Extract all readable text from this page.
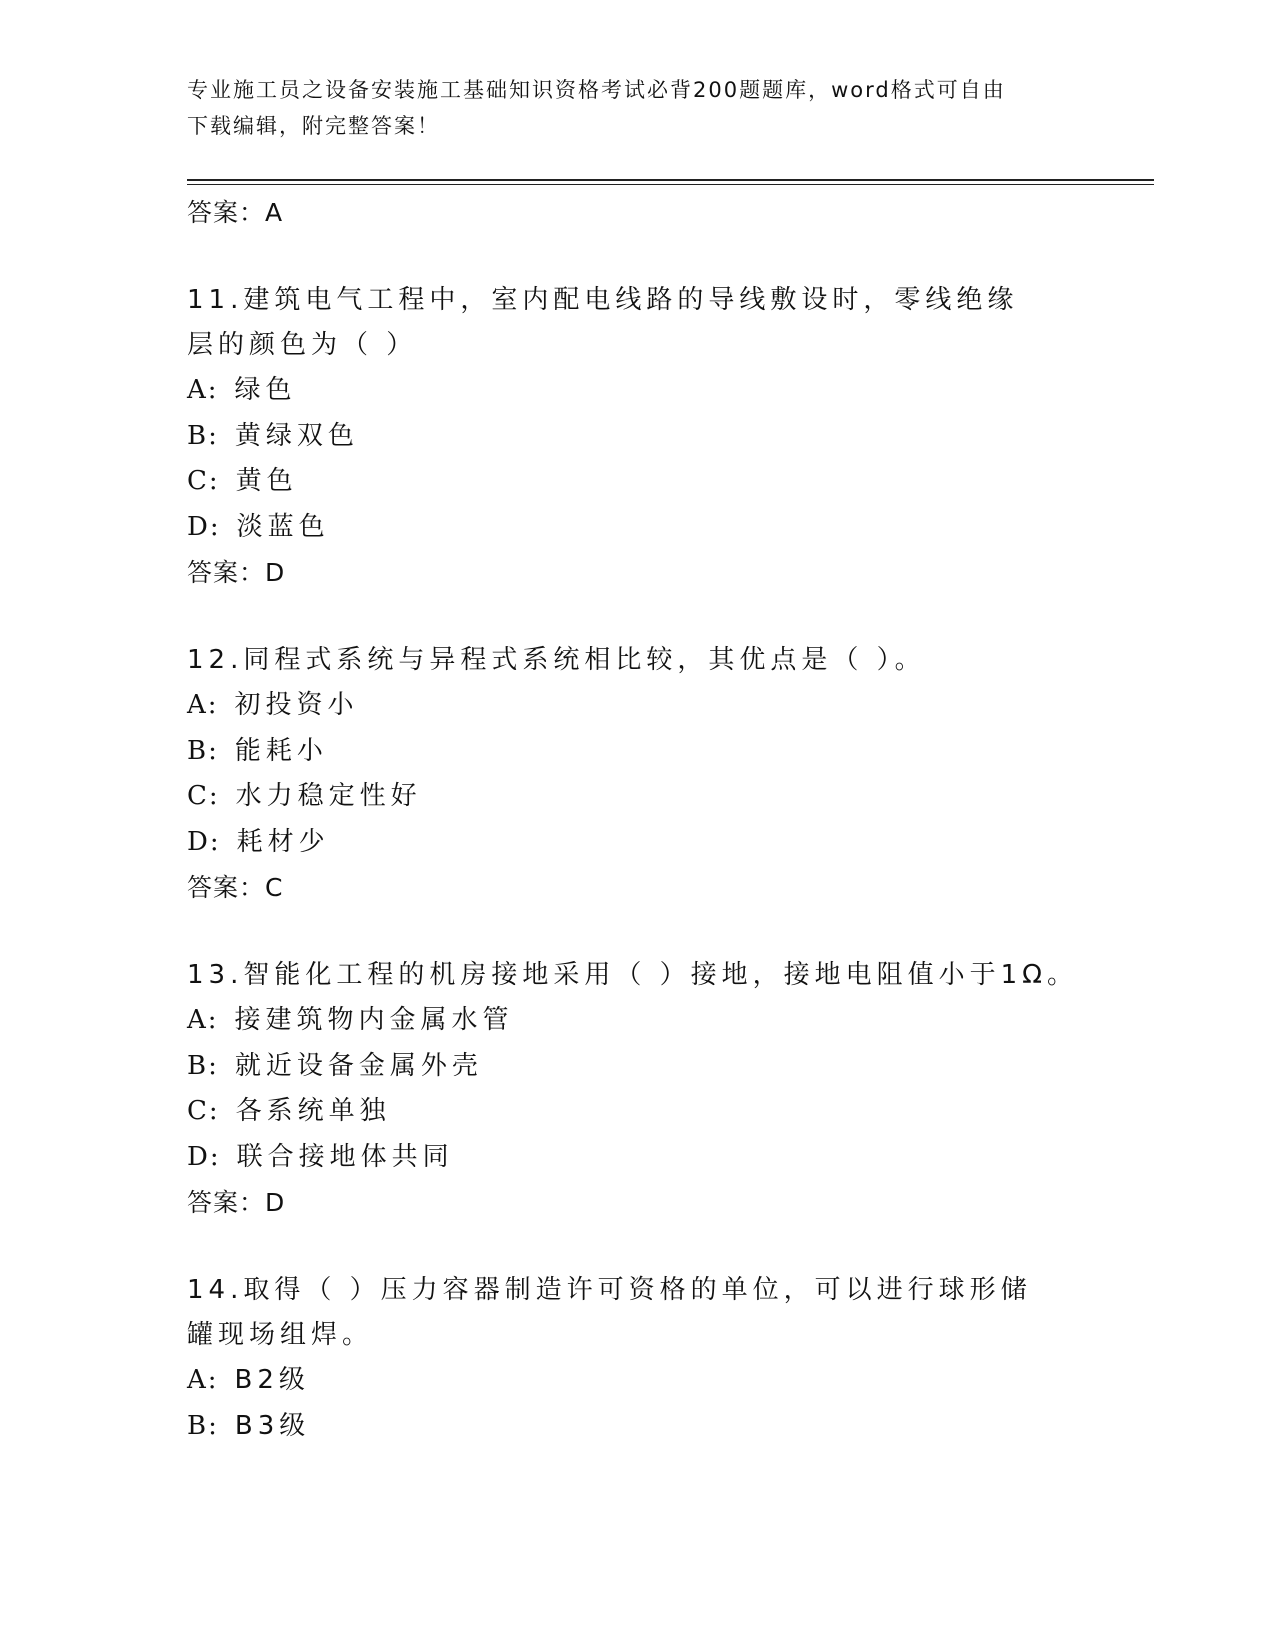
专业施工员之设备安装施工基础知识资格考试必背200题题库，word格式可自由
下载编辑，附完整答案！
答案：A
11.建筑电气工程中，室内配电线路的导线敷设时，零线绝缘层的颜色为（ ）
A: 绿色
B: 黄绿双色
C: 黄色
D: 淡蓝色
答案：D
12.同程式系统与异程式系统相比较，其优点是（ ）。
A: 初投资小
B: 能耗小
C: 水力稳定性好
D: 耗材少
答案：C
13.智能化工程的机房接地采用（ ）接地，接地电阻值小于1Ω。
A: 接建筑物内金属水管
B: 就近设备金属外壳
C: 各系统单独
D: 联合接地体共同
答案：D
14.取得（ ）压力容器制造许可资格的单位，可以进行球形储罐现场组焊。
A: B2级
B: B3级
